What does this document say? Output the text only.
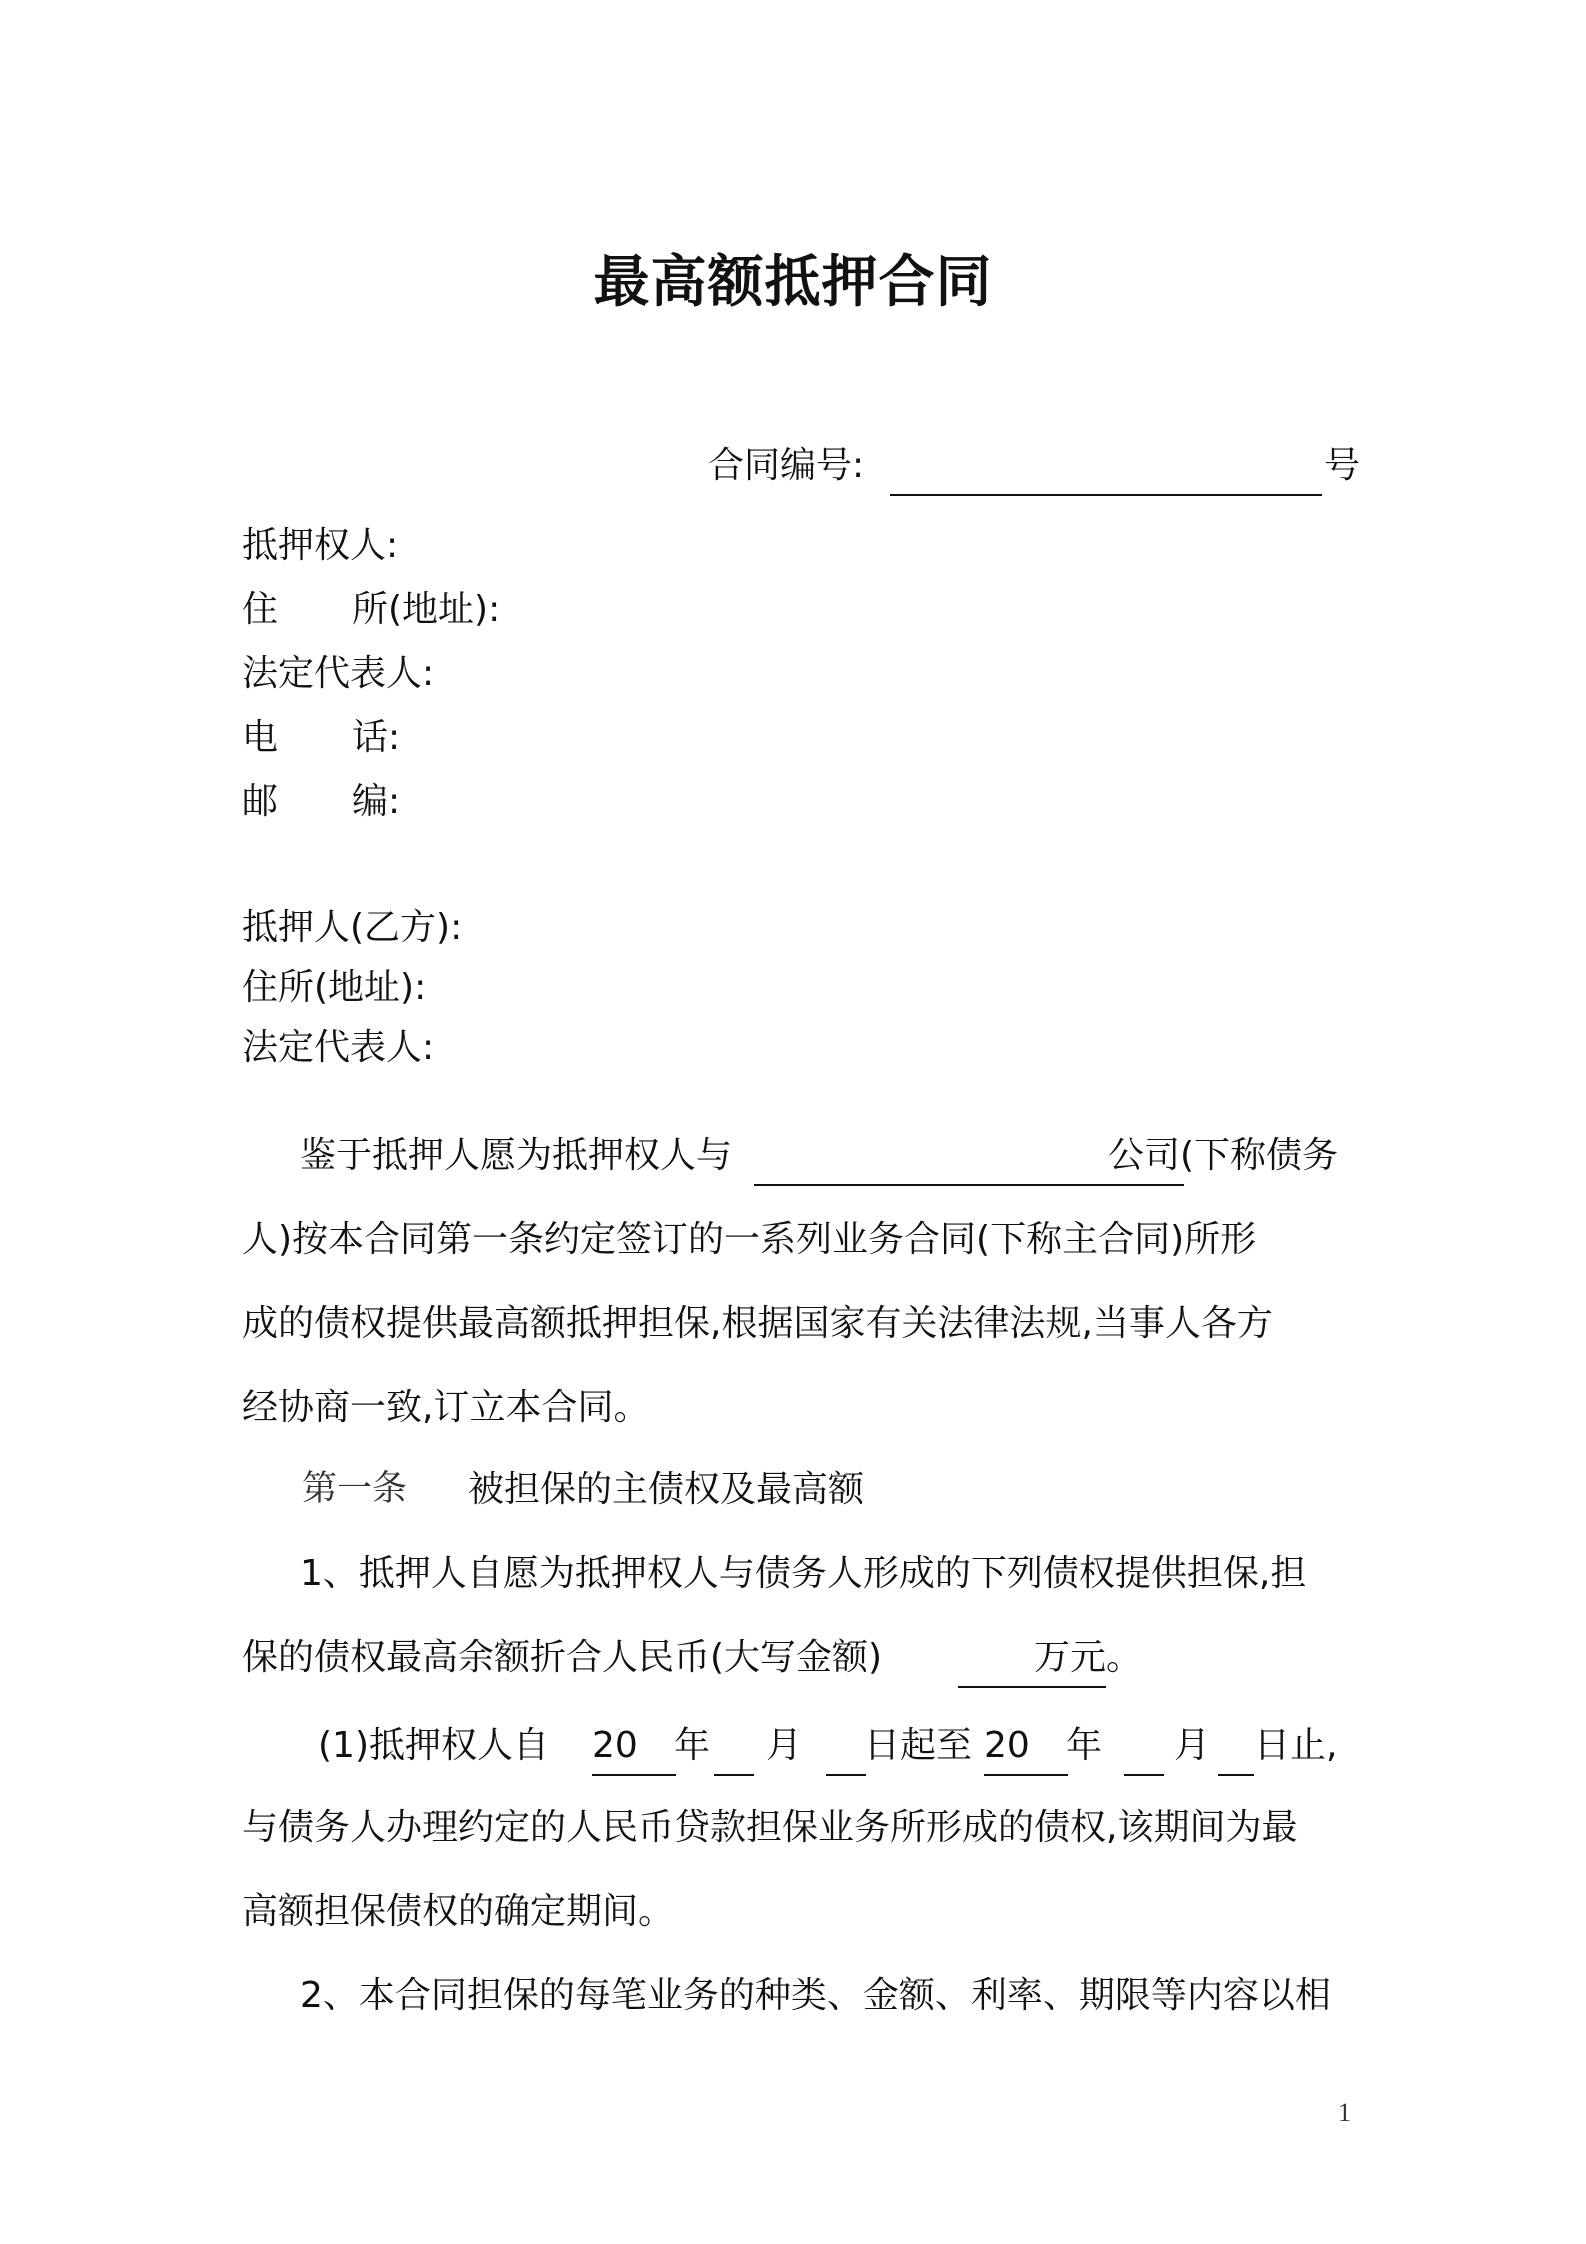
最高额抵押合同
合同编号:	号
抵押权人:
住 所(地址):
法定代表人:
电 话:
邮 编:
抵押人(乙方):
住所(地址):
法定代表人:
鉴于抵押人愿为抵押权人与	公司(下称债务
人)按本合同第一条约定签订的一系列业务合同(下称主合同)所形
成的债权提供最高额抵押担保,根据国家有关法律法规,当事人各方
经协商一致,订立本合同。
第一条 被担保的主债权及最高额
1、抵押人自愿为抵押权人与债务人形成的下列债权提供担保,担
保的债权最高余额折合人民币(大写金额)	万元 。
(1)抵押权人自 20 年 月 日起至 20 年 月 日止,
与债务人办理约定的人民币贷款担保业务所形成的债权,该期间为最
高额担保债权的确定期间。
2、本合同担保的每笔业务的种类、金额、利率、期限等内容以相
1
